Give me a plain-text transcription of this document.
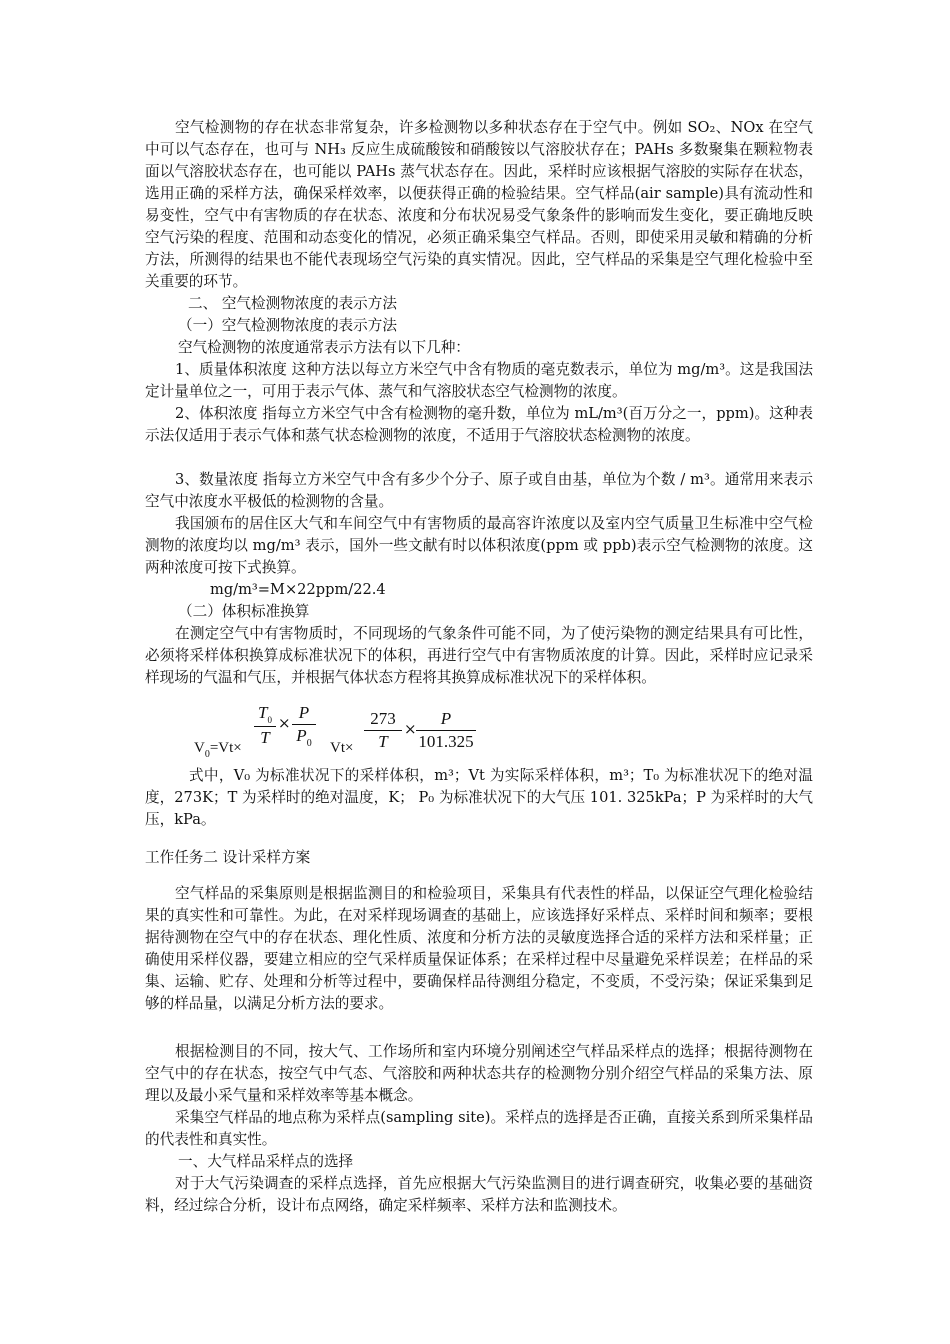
空气检测物的存在状态非常复杂，许多检测物以多种状态存在于空气中。例如 SO₂、NOx 在空气中可以气态存在，也可与 NH₃ 反应生成硫酸铵和硝酸铵以气溶胶状存在；PAHs 多数聚集在颗粒物表面以气溶胶状态存在，也可能以 PAHs 蒸气状态存在。因此，采样时应该根据气溶胶的实际存在状态，选用正确的采样方法，确保采样效率，以便获得正确的检验结果。空气样品(air sample)具有流动性和易变性，空气中有害物质的存在状态、浓度和分布状况易受气象条件的影响而发生变化，要正确地反映空气污染的程度、范围和动态变化的情况，必须正确采集空气样品。否则，即使采用灵敏和精确的分析方法，所测得的结果也不能代表现场空气污染的真实情况。因此，空气样品的采集是空气理化检验中至关重要的环节。

二、 空气检测物浓度的表示方法

（一）空气检测物浓度的表示方法

空气检测物的浓度通常表示方法有以下几种：

1、质量体积浓度 这种方法以每立方米空气中含有物质的毫克数表示，单位为 mg/m³。这是我国法定计量单位之一，可用于表示气体、蒸气和气溶胶状态空气检测物的浓度。

2、体积浓度 指每立方米空气中含有检测物的毫升数，单位为 mL/m³(百万分之一，ppm)。这种表示法仅适用于表示气体和蒸气状态检测物的浓度，不适用于气溶胶状态检测物的浓度。

3、数量浓度 指每立方米空气中含有多少个分子、原子或自由基，单位为个数 / m³。通常用来表示空气中浓度水平极低的检测物的含量。

我国颁布的居住区大气和车间空气中有害物质的最高容许浓度以及室内空气质量卫生标准中空气检测物的浓度均以 mg/m³ 表示，国外一些文献有时以体积浓度(ppm 或 ppb)表示空气检测物的浓度。这两种浓度可按下式换算。

mg/m³=M×22ppm/22.4

（二）体积标准换算

在测定空气中有害物质时，不同现场的气象条件可能不同，为了使污染物的测定结果具有可比性，必须将采样体积换算成标准状况下的体积，再进行空气中有害物质浓度的计算。因此，采样时应记录采样现场的气温和气压，并根据气体状态方程将其换算成标准状况下的采样体积。

$V_0=Vt\times \frac{T_0}{T} \times \frac{P}{P_0} Vt\times \frac{273}{T} \times \frac{P}{101.325}$

式中，V₀ 为标准状况下的采样体积，m³；Vt 为实际采样体积，m³；T₀ 为标准状况下的绝对温度，273K；T 为采样时的绝对温度，K； P₀ 为标准状况下的大气压 101. 325kPa；P 为采样时的大气压，kPa。

工作任务二 设计采样方案

空气样品的采集原则是根据监测目的和检验项目，采集具有代表性的样品，以保证空气理化检验结果的真实性和可靠性。为此，在对采样现场调查的基础上，应该选择好采样点、采样时间和频率；要根据待测物在空气中的存在状态、理化性质、浓度和分析方法的灵敏度选择合适的采样方法和采样量；正确使用采样仪器，要建立相应的空气采样质量保证体系；在采样过程中尽量避免采样误差；在样品的采集、运输、贮存、处理和分析等过程中，要确保样品待测组分稳定，不变质，不受污染；保证采集到足够的样品量，以满足分析方法的要求。

根据检测目的不同，按大气、工作场所和室内环境分别阐述空气样品采样点的选择；根据待测物在空气中的存在状态，按空气中气态、气溶胶和两种状态共存的检测物分别介绍空气样品的采集方法、原理以及最小采气量和采样效率等基本概念。

采集空气样品的地点称为采样点(sampling site)。采样点的选择是否正确，直接关系到所采集样品的代表性和真实性。

一、大气样品采样点的选择

对于大气污染调查的采样点选择，首先应根据大气污染监测目的进行调查研究，收集必要的基础资料，经过综合分析，设计布点网络，确定采样频率、采样方法和监测技术。
